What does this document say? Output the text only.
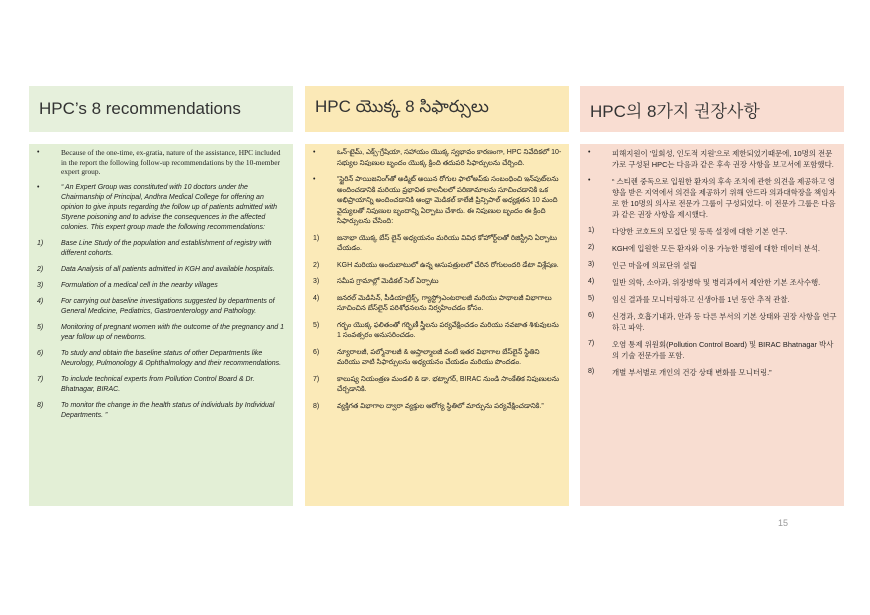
HPC’s 8 recommendations
•	Because of the one-time, ex-gratia, nature of the assistance, HPC included in the report the following follow-up recommendations by the 10-member expert group.
•	“ An Expert Group was constituted with 10 doctors under the Chairmanship of Principal, Andhra Medical College for offering an opinion to give inputs regarding the follow up of patients admitted with Styrene poisoning and to advise the consequences in the affected colonies. This expert group made the following recommendations:
1)	Base Line Study of the population and establishment of registry with different cohorts.
2)	Data Analysis of all patients admitted in KGH and available hospitals.
3)	Formulation of a medical cell in the nearby villages
4)	For carrying out baseline investigations suggested by departments of General Medicine, Pediatrics, Gastroenterology and Pathology.
5)	Monitoring of pregnant women with the outcome of the pregnancy and 1 year follow up of newborns.
6)	To study and obtain the baseline status of other Departments like Neurology, Pulmonology & Ophthalmology and their recommendations.
7)	To include technical experts from Pollution Control Board & Dr. Bhatnagar, BIRAC.
8)	To monitor the change in the health status of individuals by Individual Departments. ”
HPC యొక్క 8 సిఫార్సులు
•	ఒన్-టైమ్, ఎక్స్-గ్రేషియా, సహాయం యొక్క స్వభావం కారణంగా, HPC నివేదికలో 10-సభ్యుల నిపుణుల బృందం యొక్క క్రింది తదుపరి సిఫార్సులను చేర్చింది.
•	“స్టైరిన్ పాయిజనింగ్‌తో అడ్మిట్ అయిన రోగుల ఫాలోఅప్‌కు సంబంధించి ఇన్‌పుట్‌లను అందించడానికి మరియు ప్రభావిత కాలనీలలో పరిణామాలను సూచించడానికి ఒక అభిప్రాయాన్ని అందించడానికి ఆంధ్రా మెడికల్ కాలేజీ ప్రిన్సిపాల్ అధ్యక్షతన 10 మంది వైద్యులతో నిపుణుల బృందాన్ని ఏర్పాటు చేశారు. ఈ నిపుణుల బృందం ఈ క్రింది సిఫార్సులను చేసింది:
1)	జనాభా యొక్క బేస్ లైన్ అధ్యయనం మరియు వివిధ కోహోర్ట్‌లతో రిజిస్ట్రీని ఏర్పాటు చేయడం.
2)	KGH మరియు అందుబాటులో ఉన్న ఆసుపత్రులలో చేరిన రోగులందరి డేటా విశ్లేషణ.
3)	సమీప గ్రామాల్లో మెడికల్ సెల్ ఏర్పాటు
4)	జనరల్ మెడిసిన్, పీడియాట్రిక్స్, గ్యాస్ట్రోఎంటరాలజీ మరియు పాథాలజీ విభాగాలు సూచించిన బేస్‌లైన్ పరిశోధనలను నిర్వహించడం కోసం.
5)	గర్భం యొక్క ఫలితంతో గర్భిణీ స్త్రీలను పర్యవేక్షించడం మరియు నవజాత శిశువులను 1 సంవత్సరం అనుసరించడం.
6)	న్యూరాలజీ, పల్మోనాలజీ & ఆప్తాల్మాలజీ వంటి ఇతర విభాగాల బేస్‌లైన్ స్థితిని మరియు వాటి సిఫార్సులను అధ్యయనం చేయడం మరియు పొందడం.
7)	కాలుష్య నియంత్రణ మండలి & డా. భట్నాగర్, BIRAC నుండి సాంకేతిక నిపుణులను చేర్చడానికి.
8)	వ్యక్తిగత విభాగాల ద్వారా వ్యక్తుల ఆరోగ్య స్థితిలో మార్పును పర్యవేక్షించడానికి.”
HPC의 8가지 권장사항
•	피해지원이 '일회성, 인도적 지원'으로 제한되었기때문에, 10명의 전문가로 구성된 HPC는 다음과 같은 후속 권장 사항을 보고서에 포함했다.
•	“ 스티렌 중독으로 입원한 환자의 후속 조치에 관한 의견을 제공하고 영향을 받은 지역에서 의견을 제공하기 위해 안드라 의과대학장을 책임자로 한 10명의 의사로 전문가 그룹이 구성되었다. 이 전문가 그룹은 다음과 같은 권장 사항을 제시했다.
1)	다양한 코호트의 모집단 및 등록 설정에 대한 기본 연구.
2)	KGH에 입원한 모든 환자와 이용 가능한 병원에 대한 데이터 분석.
3)	인근 마을에 의료단위 설립
4)	일반 의학, 소아과, 위장병학 및 병리과에서 제안한 기본 조사수행.
5)	임신 결과를 모니터링하고 신생아를 1년 동안 추적 관찰.
6)	신경과, 호흡기내과, 안과 등 다른 부서의 기본 상태와 권장 사항을 연구하고 파악.
7)	오염 통제 위원회(Pollution Control Board) 및 BIRAC Bhatnagar 박사의 기술 전문가를 포함.
8)	개별 부서별로 개인의 건강 상태 변화를 모니터링.”
15
